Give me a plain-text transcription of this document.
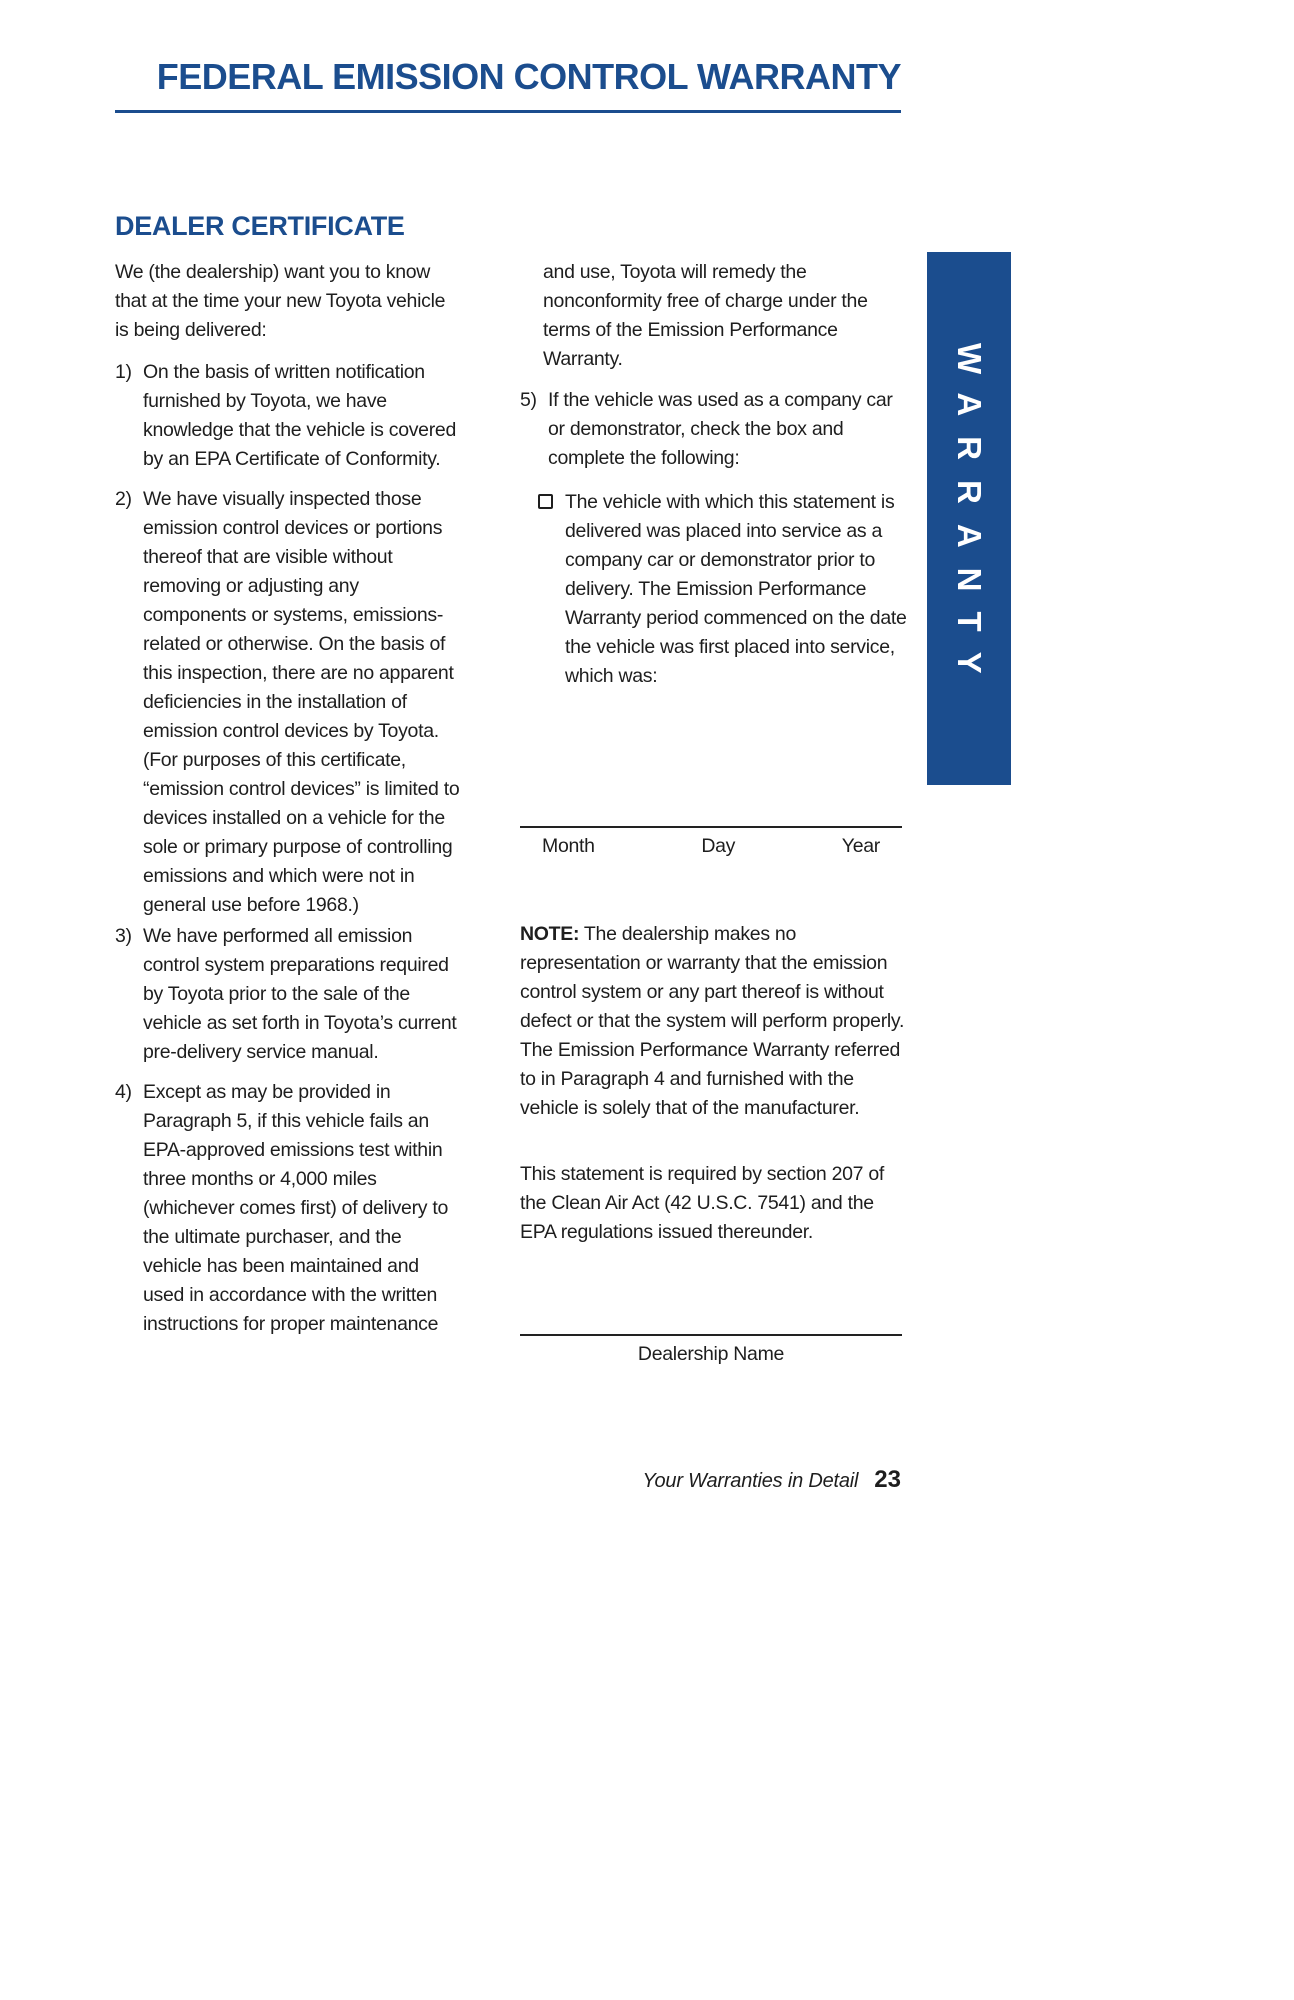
FEDERAL EMISSION CONTROL WARRANTY
WARRANTY
DEALER CERTIFICATE

We (the dealership) want you to know that at the time your new Toyota vehicle is being delivered:

1) On the basis of written notification furnished by Toyota, we have knowledge that the vehicle is covered by an EPA Certificate of Conformity.
2) We have visually inspected those emission control devices or portions thereof that are visible without removing or adjusting any components or systems, emissions-related or otherwise. On the basis of this inspection, there are no apparent deficiencies in the installation of emission control devices by Toyota. (For purposes of this certificate, “emission control devices” is limited to devices installed on a vehicle for the sole or primary purpose of controlling emissions and which were not in general use before 1968.)
3) We have performed all emission control system preparations required by Toyota prior to the sale of the vehicle as set forth in Toyota’s current pre-delivery service manual.
4) Except as may be provided in Paragraph 5, if this vehicle fails an EPA-approved emissions test within three months or 4,000 miles (whichever comes first) of delivery to the ultimate purchaser, and the vehicle has been maintained and used in accordance with the written instructions for proper maintenance

and use, Toyota will remedy the nonconformity free of charge under the terms of the Emission Performance Warranty.

5) If the vehicle was used as a company car or demonstrator, check the box and complete the following:
The vehicle with which this statement is delivered was placed into service as a company car or demonstrator prior to delivery. The Emission Performance Warranty period commenced on the date the vehicle was first placed into service, which was:
Month	Day	Year

NOTE: The dealership makes no representation or warranty that the emission control system or any part thereof is without defect or that the system will perform properly. The Emission Performance Warranty referred to in Paragraph 4 and furnished with the vehicle is solely that of the manufacturer.

This statement is required by section 207 of the Clean Air Act (42 U.S.C. 7541) and the EPA regulations issued thereunder.

Dealership Name
Your Warranties in Detail 23
